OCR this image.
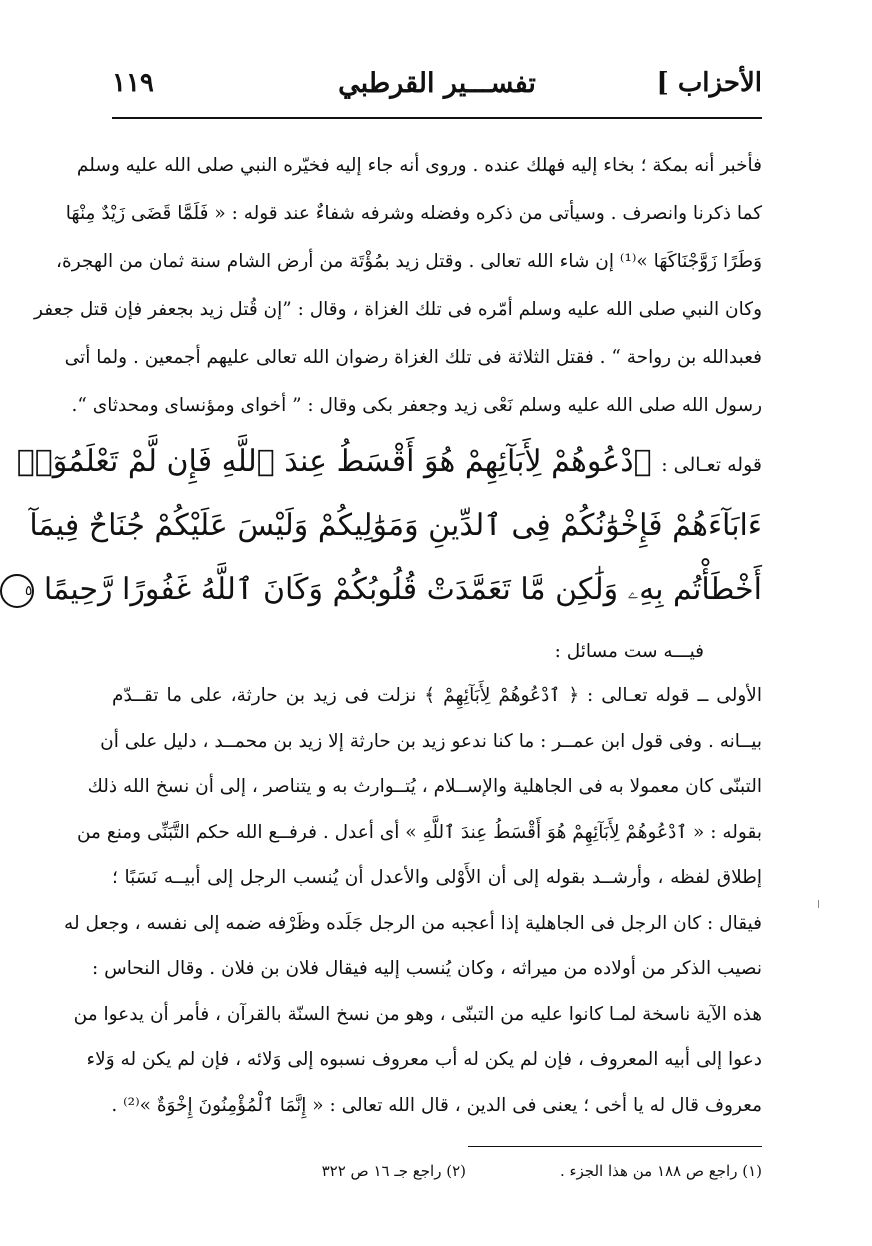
١١٩	تفســـير القرطبي	الأحزاب ]
فأخبر أنه بمكة ؛ بخاء إليه فهلك عنده . وروى أنه جاء إليه فخيّره النبي صلى الله عليه وسلم
كما ذكرنا وانصرف . وسيأتى من ذكره وفضله وشرفه شفاءٌ عند قوله : « فَلَمَّا قَضَى زَيْدٌ مِنْهَا
وَطَرًا زَوَّجْنَاكَهَا »⁽¹⁾ إن شاء الله تعالى . وقتل زيد بمُؤْتَة من أرض الشام سنة ثمان من الهجرة،
وكان النبي صلى الله عليه وسلم أمّره فى تلك الغزاة ، وقال : ”إن قُتل زيد بجعفر فإن قتل جعفر
فعبدالله بن رواحة “ . فقتل الثلاثة فى تلك الغزاة رضوان الله تعالى عليهم أجمعين . ولما أتى
رسول الله صلى الله عليه وسلم نَعْى زيد وجعفر بكى وقال : ” أخواى ومؤنساى ومحدثاى “.
قوله تعـالى : ٱدْعُوهُمْ لِأَبَآئِهِمْ هُوَ أَقْسَطُ عِندَ ٱللَّهِ فَإِن لَّمْ تَعْلَمُوٓا۟
ءَابَآءَهُمْ فَإِخْوَٰنُكُمْ فِى ٱلدِّينِ وَمَوَٰلِيكُمْ وَلَيْسَ عَلَيْكُمْ جُنَاحٌ فِيمَآ
أَخْطَأْتُم بِهِۦ وَلَٰكِن مَّا تَعَمَّدَتْ قُلُوبُكُمْ وَكَانَ ٱللَّهُ غَفُورًا رَّحِيمًا ٥
فيـــه ست مسائل :
الأولى ــ قوله تعـالى : ﴿ ٱدْعُوهُمْ لِأَبَآئِهِمْ ﴾ نزلت فى زيد بن حارثة، على ما تقــدّم
بيــانه . وفى قول ابن عمــر : ما كنا ندعو زيد بن حارثة إلا زيد بن محمــد ، دليل على أن
التبنّى كان معمولا به فى الجاهلية والإســلام ، يُتــوارث به و يتناصر ، إلى أن نسخ الله ذلك
بقوله : « ٱدْعُوهُمْ لِأَبَآئِهِمْ هُوَ أَقْسَطُ عِندَ ٱللَّهِ » أى أعدل . فرفــع الله حكم التَّبَنِّى ومنع من
إطلاق لفظه ، وأرشــد بقوله إلى أن الأَوْلى والأعدل أن يُنسب الرجل إلى أبيــه نَسَبًا ؛
فيقال : كان الرجل فى الجاهلية إذا أعجبه من الرجل جَلَده وظَرْفه ضمه إلى نفسه ، وجعل له
نصيب الذكر من أولاده من ميراثه ، وكان يُنسب إليه فيقال فلان بن فلان . وقال النحاس :
هذه الآية ناسخة لمـا كانوا عليه من التبنّى ، وهو من نسخ السنّة بالقرآن ، فأمر أن يدعوا من
دعوا إلى أبيه المعروف ، فإن لم يكن له أب معروف نسبوه إلى وَلائه ، فإن لم يكن له وَلاء
معروف قال له يا أخى ؛ يعنى فى الدين ، قال الله تعالى : « إِنَّمَا ٱلْمُؤْمِنُونَ إِخْوَةٌ »⁽²⁾ .
(١) راجع ص ١٨٨ من هذا الجزء .
(٢) راجع جـ ١٦ ص ٣٢٢
